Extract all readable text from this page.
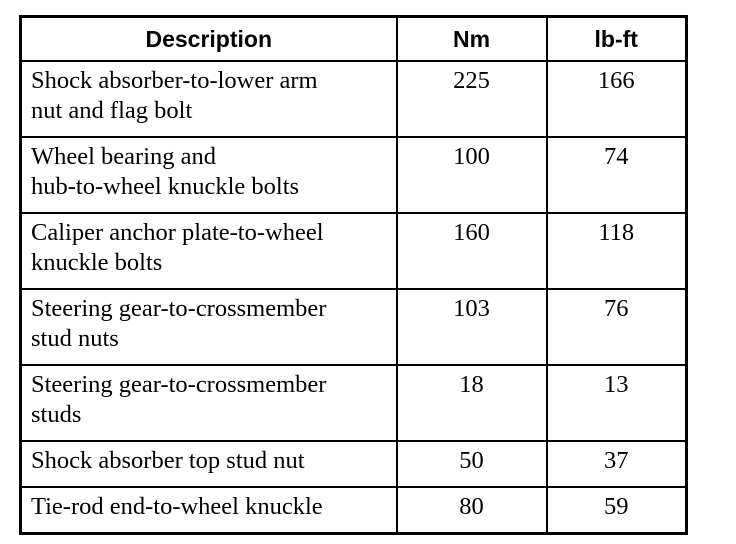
Description	Nm	lb-ft

Shock absorber-to-lower arm
nut and flag bolt	225	166

Wheel bearing and
hub-to-wheel knuckle bolts	100	74

Caliper anchor plate-to-wheel
knuckle bolts	160	118

Steering gear-to-crossmember
stud nuts	103	76

Steering gear-to-crossmember
studs	18	13

Shock absorber top stud nut	50	37

Tie-rod end-to-wheel knuckle	80	59
